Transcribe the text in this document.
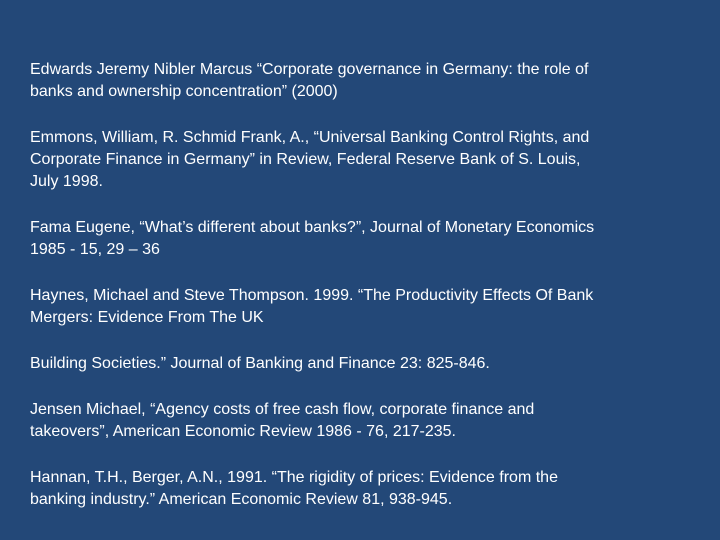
Edwards Jeremy Nibler Marcus “Corporate governance in Germany: the role of
banks and ownership concentration” (2000)
Emmons, William, R. Schmid Frank, A., “Universal Banking Control Rights, and
Corporate Finance in Germany” in Review, Federal Reserve Bank of S. Louis,
July 1998.
Fama Eugene, “What’s different about banks?”, Journal of Monetary Economics
1985 - 15, 29 – 36
Haynes, Michael and Steve Thompson. 1999. “The Productivity Effects Of Bank
Mergers: Evidence From The UK
Building Societies.” Journal of Banking and Finance 23: 825-846.
Jensen Michael, “Agency costs of free cash flow, corporate finance and
takeovers”, American Economic Review 1986 - 76, 217-235.
Hannan, T.H., Berger, A.N., 1991. “The rigidity of prices: Evidence from the
banking industry.” American Economic Review 81, 938-945.
